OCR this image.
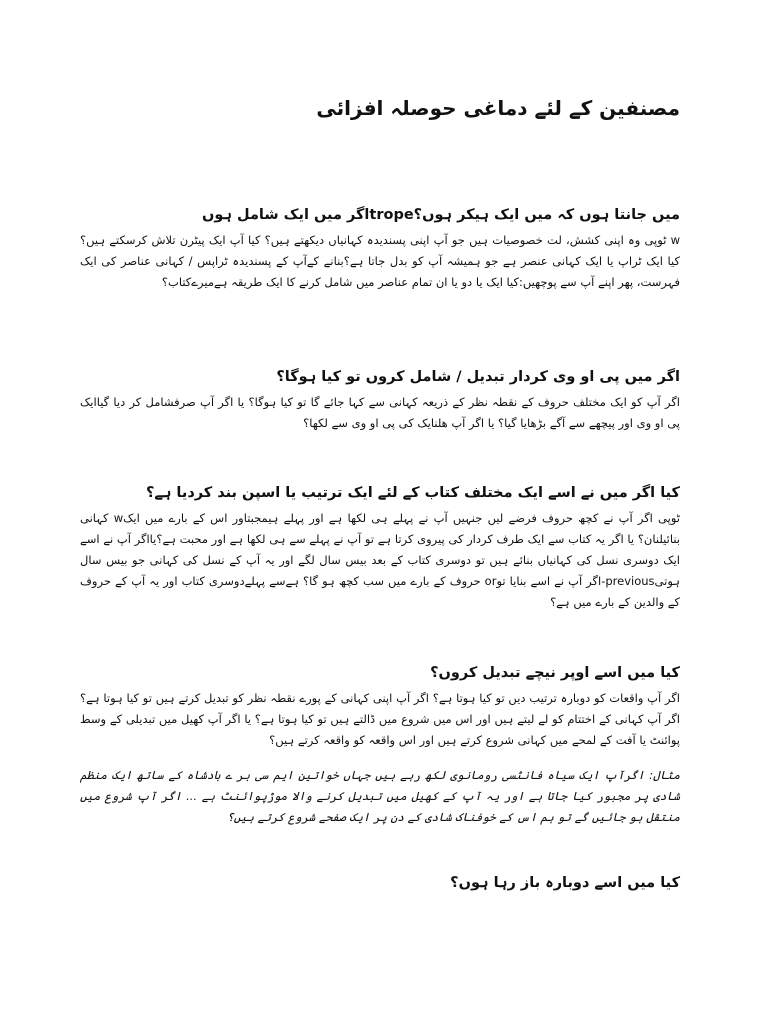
مصنفین کے لئے دماغی حوصلہ افزائی
میں جانتا ہوں کہ میں ایک ہیکر ہوں؟tropeاگر میں ایک شامل ہوں

w ٹوپی وہ اپنی کشش، لت خصوصیات ہیں جو آپ اپنی پسندیدہ کہانیاں دیکھتے ہیں؟ کیا آپ ایک پیٹرن تلاش کرسکتے ہیں؟ کیا ایک ٹراپ یا ایک کہانی عنصر ہے جو ہمیشہ آپ کو بدل جاتا ہے؟بنانے کےآپ کے پسندیدہ ٹراپس / کہانی عناصر کی ایک فہرست، پھر اپنے آپ سے پوچھیں:کیا ایک یا دو یا ان تمام عناصر میں شامل کرنے کا ایک طریقہ ہےمیرےکتاب؟

اگر میں پی او وی کردار تبدیل / شامل کروں تو کیا ہوگا؟

اگر آپ کو ایک مختلف حروف کے نقطہ نظر کے ذریعہ کہانی سے کہا جائے گا تو کیا ہوگا؟ یا اگر آپ صرفشامل کر دیا گیاایک پی او وی اور پیچھے سے آگے بڑھایا گیا؟ یا اگر آپ ھلنایک کی پی او وی سے لکھا؟

کیا اگر میں نے اسے ایک مختلف کتاب کے لئے ایک ترتیب یا اسپن بند کردیا ہے؟

ٹوپی اگر آپ نے کچھ حروف فرضے لیں جنہیں آپ نے پہلے ہی لکھا ہے اور پہلے ہیمجبتاور اس کے بارے میں ایکw کہانی بنائیلنان؟ یا اگر یہ کتاب سے ایک طرف کردار کی پیروی کرتا ہے تو آپ نے پہلے سے ہی لکھا ہے اور محبت ہے؟یااگر آپ نے اسے ایک دوسری نسل کی کہانیاں بنائے ہیں تو دوسری کتاب کے بعد بیس سال لگے اور یہ آپ کے نسل کی کہانی جو بیس سال ہوتیprevious-اگر آپ نے اسے بنایا توor حروف کے بارے میں سب کچھ ہو گا؟ ہےسے پہلےدوسری کتاب اور یہ آپ کے حروف کے والدین کے بارے میں ہے؟

کیا میں اسے اوپر نیچے تبدیل کروں؟

اگر آپ واقعات کو دوبارہ ترتیب دیں تو کیا ہوتا ہے؟ اگر آپ اپنی کہانی کے پورے نقطہ نظر کو تبدیل کرتے ہیں تو کیا ہوتا ہے؟ اگر آپ کہانی کے اختتام کو لے لیتے ہیں اور اس میں شروع میں ڈالتے ہیں تو کیا ہوتا ہے؟ یا اگر آپ کھیل میں تبدیلی کے وسط پوائنٹ یا آفت کے لمحے میں کہانی شروع کرتے ہیں اور اس واقعہ کو واقعہ کرتے ہیں؟

مثال: اگرآپ ایک سیاہ فانٹسی رومانوی لکھ رہے ہیں جہاں خواتین ایم سی بر ے بادشاہ کے ساتھ ایک منظم شادی پر مجبور کیا جاتا ہے اور یہ آپ کے کھیل میں تبدیل کرنے والا موڑپوائنٹ ہے ... اگر آپ شروع میں منتقل ہو جائیں گے تو ہم اس کے خوفناک شادی کے دن پر ایک صفحے شروع کرتے ہیں؟

کیا میں اسے دوبارہ باز رہا ہوں؟
